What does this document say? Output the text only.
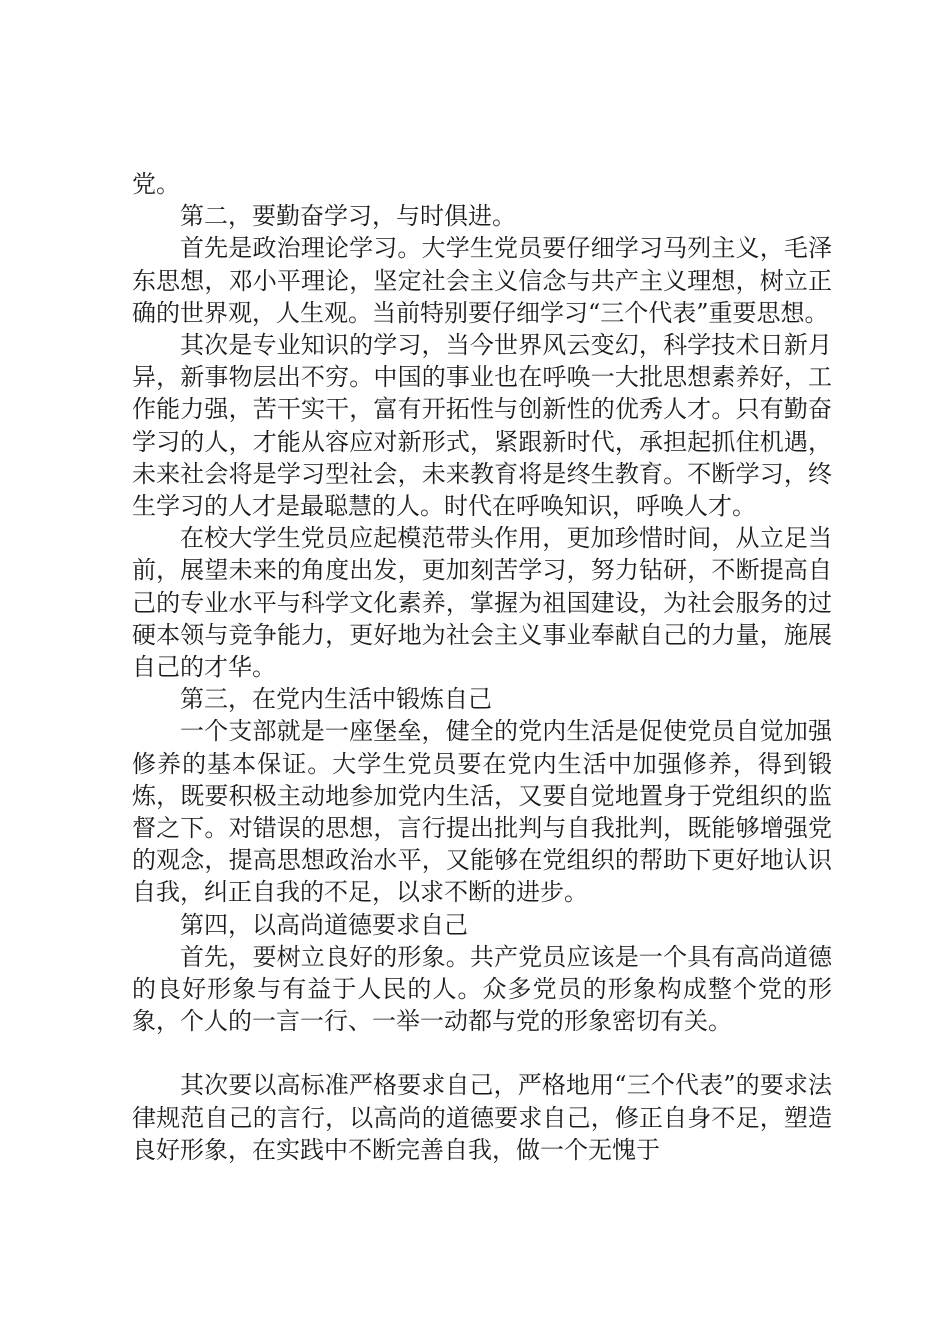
党。

第二，要勤奋学习，与时俱进。

首先是政治理论学习。大学生党员要仔细学习马列主义，毛泽东思想，邓小平理论，坚定社会主义信念与共产主义理想，树立正确的世界观，人生观。当前特别要仔细学习“三个代表”重要思想。

其次是专业知识的学习，当今世界风云变幻，科学技术日新月异，新事物层出不穷。中国的事业也在呼唤一大批思想素养好，工作能力强，苦干实干，富有开拓性与创新性的优秀人才。只有勤奋学习的人，才能从容应对新形式，紧跟新时代，承担起抓住机遇，未来社会将是学习型社会，未来教育将是终生教育。不断学习，终生学习的人才是最聪慧的人。时代在呼唤知识，呼唤人才。

在校大学生党员应起模范带头作用，更加珍惜时间，从立足当前，展望未来的角度出发，更加刻苦学习，努力钻研，不断提高自己的专业水平与科学文化素养，掌握为祖国建设，为社会服务的过硬本领与竞争能力，更好地为社会主义事业奉献自己的力量，施展自己的才华。

第三，在党内生活中锻炼自己

一个支部就是一座堡垒，健全的党内生活是促使党员自觉加强修养的基本保证。大学生党员要在党内生活中加强修养，得到锻炼，既要积极主动地参加党内生活，又要自觉地置身于党组织的监督之下。对错误的思想，言行提出批判与自我批判，既能够增强党的观念，提高思想政治水平，又能够在党组织的帮助下更好地认识自我，纠正自我的不足，以求不断的进步。

第四，以高尚道德要求自己

首先，要树立良好的形象。共产党员应该是一个具有高尚道德的良好形象与有益于人民的人。众多党员的形象构成整个党的形象，个人的一言一行、一举一动都与党的形象密切有关。

其次要以高标准严格要求自己，严格地用“三个代表”的要求法律规范自己的言行，以高尚的道德要求自己，修正自身不足，塑造良好形象，在实践中不断完善自我，做一个无愧于
